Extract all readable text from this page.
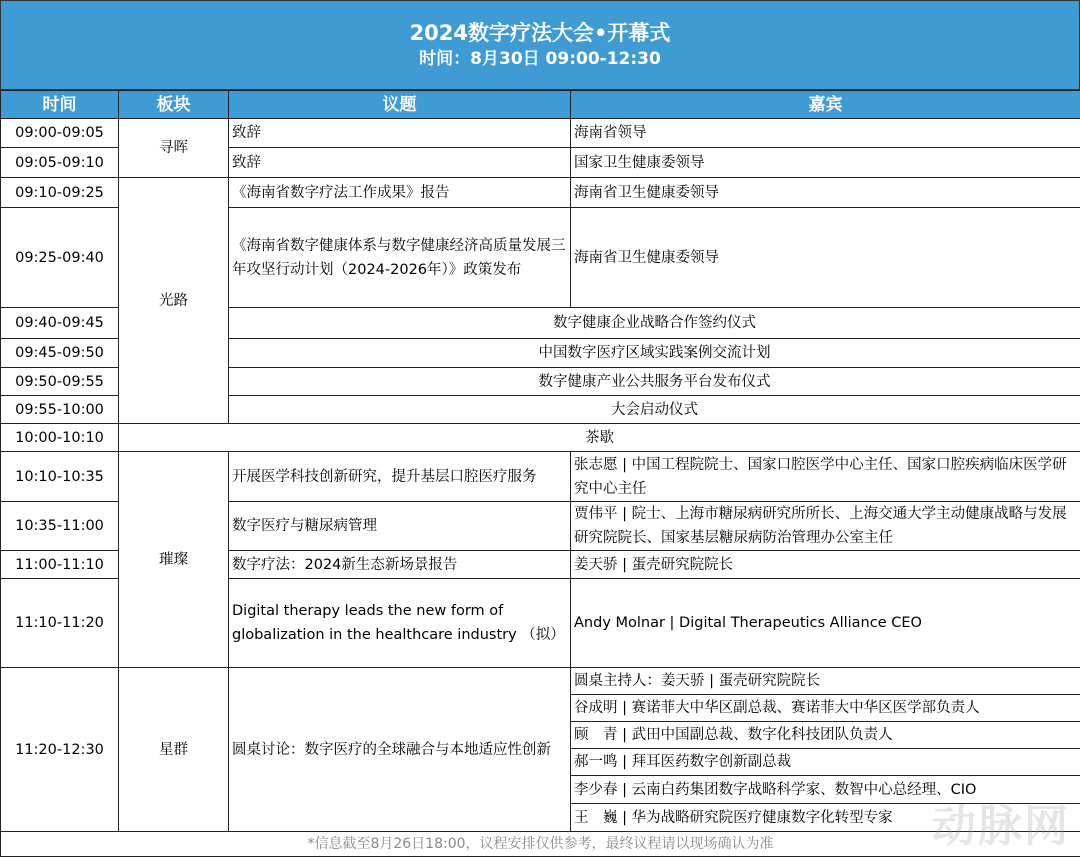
2024数字疗法大会•开幕式
时间：8月30日 09:00-12:30
时间	板块	议题	嘉宾
09:00-09:05	寻晖	致辞	海南省领导
09:05-09:10		致辞	国家卫生健康委领导
09:10-09:25	光路	《海南省数字疗法工作成果》报告	海南省卫生健康委领导
09:25-09:40		《海南省数字健康体系与数字健康经济高质量发展三年攻坚行动计划（2024-2026年）》政策发布	海南省卫生健康委领导
09:40-09:45		数字健康企业战略合作签约仪式	
09:45-09:50		中国数字医疗区域实践案例交流计划	
09:50-09:55		数字健康产业公共服务平台发布仪式	
09:55-10:00		大会启动仪式	
10:00-10:10	茶歇		
10:10-10:35	璀璨	开展医学科技创新研究，提升基层口腔医疗服务	张志愿 | 中国工程院院士、国家口腔医学中心主任、国家口腔疾病临床医学研究中心主任
10:35-11:00		数字医疗与糖尿病管理	贾伟平 | 院士、上海市糖尿病研究所所长、上海交通大学主动健康战略与发展研究院院长、国家基层糖尿病防治管理办公室主任
11:00-11:10		数字疗法：2024新生态新场景报告	姜天骄 | 蛋壳研究院院长
11:10-11:20		Digital therapy leads the new form of globalization in the healthcare industry （拟）	Andy Molnar | Digital Therapeutics Alliance CEO
11:20-12:30	星群	圆桌讨论：数字医疗的全球融合与本地适应性创新	圆桌主持人：姜天骄 | 蛋壳研究院院长
			谷成明 | 赛诺菲大中华区副总裁、赛诺菲大中华区医学部负责人
			顾　青 | 武田中国副总裁、数字化科技团队负责人
			郝一鸣 | 拜耳医药数字创新副总裁
			李少春 | 云南白药集团数字战略科学家、数智中心总经理、CIO
			王　巍 | 华为战略研究院医疗健康数字化转型专家
*信息截至8月26日18:00，议程安排仅供参考，最终议程请以现场确认为准				动脉网
